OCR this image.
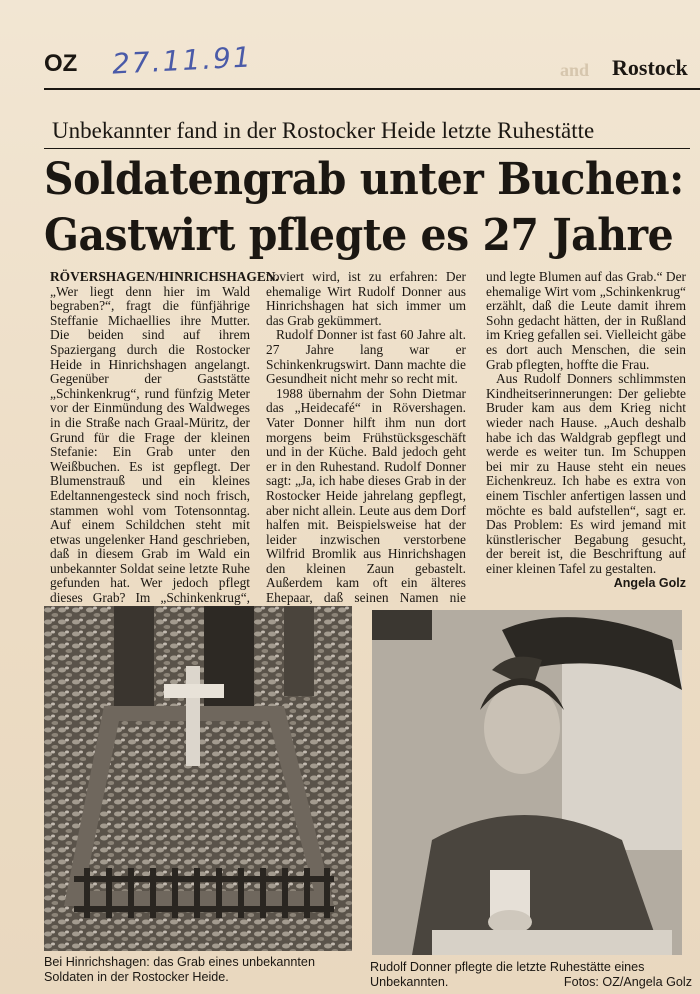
and
OZ 27.11.91	Rostock
Unbekannter fand in der Rostocker Heide letzte Ruhestätte
Soldatengrab unter Buchen:
Gastwirt pflegte es 27 Jahre

RÖVERSHAGEN/HINRICHSHAGEN. „Wer liegt denn hier im Wald begraben?“, fragt die fünfjährige Steffanie Michaellies ihre Mutter. Die beiden sind auf ihrem Spaziergang durch die Rostocker Heide in Hinrichshagen angelangt. Gegenüber der Gaststätte „Schinkenkrug“, rund fünfzig Meter vor der Einmündung des Waldweges in die Straße nach Graal-Müritz, der Grund für die Frage der kleinen Stefanie: Ein Grab unter den Weißbuchen. Es ist gepflegt. Der Blumenstrauß und ein kleines Edeltannengesteck sind noch frisch, stammen wohl vom Totensonntag. Auf einem Schildchen steht mit etwas ungelenker Hand geschrieben, daß in diesem Grab im Wald ein unbekannter Soldat seine letzte Ruhe gefunden hat. Wer jedoch pflegt dieses Grab? Im „Schinkenkrug“,

noviert wird, ist zu erfahren: Der ehemalige Wirt Rudolf Donner aus Hinrichshagen hat sich immer um das Grab gekümmert.

Rudolf Donner ist fast 60 Jahre alt. 27 Jahre lang war er Schinkenkrugswirt. Dann machte die Gesundheit nicht mehr so recht mit.

1988 übernahm der Sohn Dietmar das „Heidecafé“ in Rövershagen. Vater Donner hilft ihm nun dort morgens beim Frühstücksgeschäft und in der Küche. Bald jedoch geht er in den Ruhestand. Rudolf Donner sagt: „Ja, ich habe dieses Grab in der Rostocker Heide jahrelang gepflegt, aber nicht allein. Leute aus dem Dorf halfen mit. Beispielsweise hat der leider inzwischen verstorbene Wilfrid Bromlik aus Hinrichshagen den kleinen Zaun gebastelt. Außerdem kam oft ein älteres Ehepaar, daß seinen Namen nie

und legte Blumen auf das Grab.“ Der ehemalige Wirt vom „Schinkenkrug“ erzählt, daß die Leute damit ihrem Sohn gedacht hätten, der in Rußland im Krieg gefallen sei. Vielleicht gäbe es dort auch Menschen, die sein Grab pflegten, hoffte die Frau.

Aus Rudolf Donners schlimmsten Kindheitserinnerungen: Der geliebte Bruder kam aus dem Krieg nicht wieder nach Hause. „Auch deshalb habe ich das Waldgrab gepflegt und werde es weiter tun. Im Schuppen bei mir zu Hause steht ein neues Eichenkreuz. Ich habe es extra von einem Tischler anfertigen lassen und möchte es bald aufstellen“, sagt er. Das Problem: Es wird jemand mit künstlerischer Begabung gesucht, der bereit ist, die Beschriftung auf einer kleinen Tafel zu gestalten.

Angela Golz
Bei Hinrichshagen: das Grab eines unbekannten Soldaten in der Rostocker Heide.
Rudolf Donner pflegte die letzte Ruhestätte eines Unbekannten.	Fotos: OZ/Angela Golz
